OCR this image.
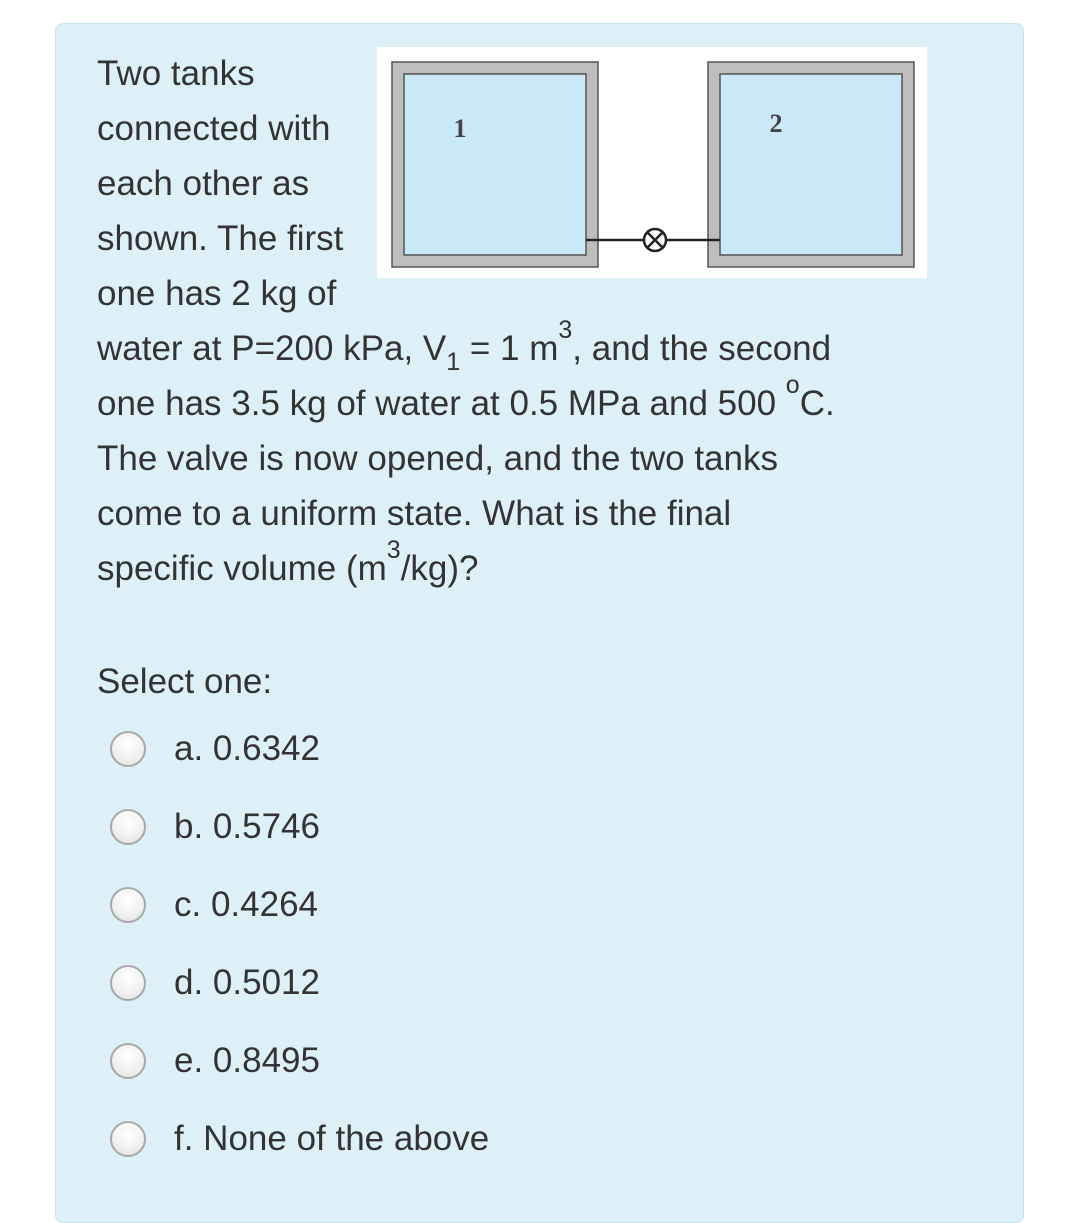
1	2
Two tanks
connected with
each other as
shown. The first
one has 2 kg of
water at P=200 kPa, $V_1 = 1$ $m^3$, and the second
one has 3.5 kg of water at 0.5 MPa and 500 $^o$C.
The valve is now opened, and the two tanks
come to a uniform state. What is the final
specific volume $(m^3/kg)$?
Select one:
a. 0.6342
b. 0.5746
c. 0.4264
d. 0.5012
e. 0.8495
f. None of the above
